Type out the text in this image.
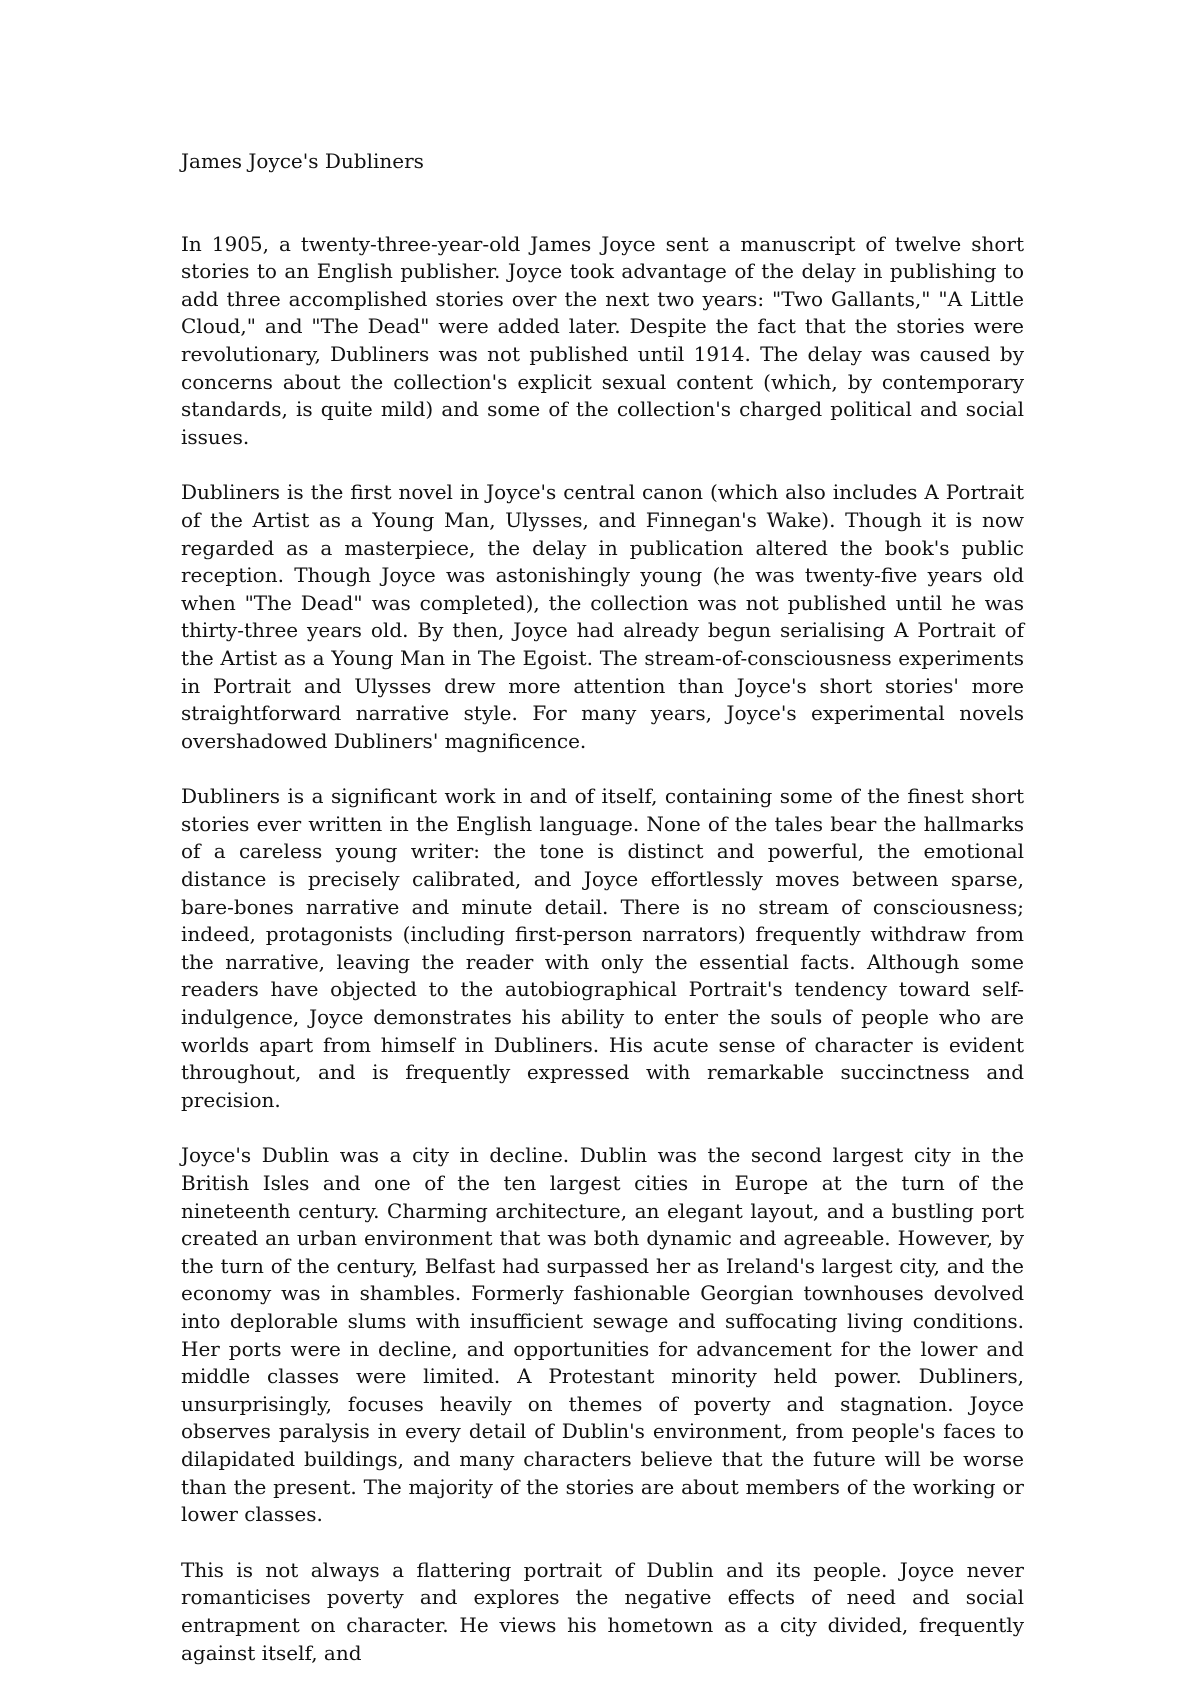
James Joyce's Dubliners

In 1905, a twenty-three-year-old James Joyce sent a manuscript of twelve short stories to an English publisher. Joyce took advantage of the delay in publishing to add three accomplished stories over the next two years: "Two Gallants," "A Little Cloud," and "The Dead" were added later. Despite the fact that the stories were revolutionary, Dubliners was not published until 1914. The delay was caused by concerns about the collection's explicit sexual content (which, by contemporary standards, is quite mild) and some of the collection's charged political and social issues.

Dubliners is the first novel in Joyce's central canon (which also includes A Portrait of the Artist as a Young Man, Ulysses, and Finnegan's Wake). Though it is now regarded as a masterpiece, the delay in publication altered the book's public reception. Though Joyce was astonishingly young (he was twenty-five years old when "The Dead" was completed), the collection was not published until he was thirty-three years old. By then, Joyce had already begun serialising A Portrait of the Artist as a Young Man in The Egoist. The stream-of-consciousness experiments in Portrait and Ulysses drew more attention than Joyce's short stories' more straightforward narrative style. For many years, Joyce's experimental novels overshadowed Dubliners' magnificence.

Dubliners is a significant work in and of itself, containing some of the finest short stories ever written in the English language. None of the tales bear the hallmarks of a careless young writer: the tone is distinct and powerful, the emotional distance is precisely calibrated, and Joyce effortlessly moves between sparse, bare-bones narrative and minute detail. There is no stream of consciousness; indeed, protagonists (including first-person narrators) frequently withdraw from the narrative, leaving the reader with only the essential facts. Although some readers have objected to the autobiographical Portrait's tendency toward self-indulgence, Joyce demonstrates his ability to enter the souls of people who are worlds apart from himself in Dubliners. His acute sense of character is evident throughout, and is frequently expressed with remarkable succinctness and precision.

Joyce's Dublin was a city in decline. Dublin was the second largest city in the British Isles and one of the ten largest cities in Europe at the turn of the nineteenth century. Charming architecture, an elegant layout, and a bustling port created an urban environment that was both dynamic and agreeable. However, by the turn of the century, Belfast had surpassed her as Ireland's largest city, and the economy was in shambles. Formerly fashionable Georgian townhouses devolved into deplorable slums with insufficient sewage and suffocating living conditions. Her ports were in decline, and opportunities for advancement for the lower and middle classes were limited. A Protestant minority held power. Dubliners, unsurprisingly, focuses heavily on themes of poverty and stagnation. Joyce observes paralysis in every detail of Dublin's environment, from people's faces to dilapidated buildings, and many characters believe that the future will be worse than the present. The majority of the stories are about members of the working or lower classes.

This is not always a flattering portrait of Dublin and its people. Joyce never romanticises poverty and explores the negative effects of need and social entrapment on character. He views his hometown as a city divided, frequently against itself, and
